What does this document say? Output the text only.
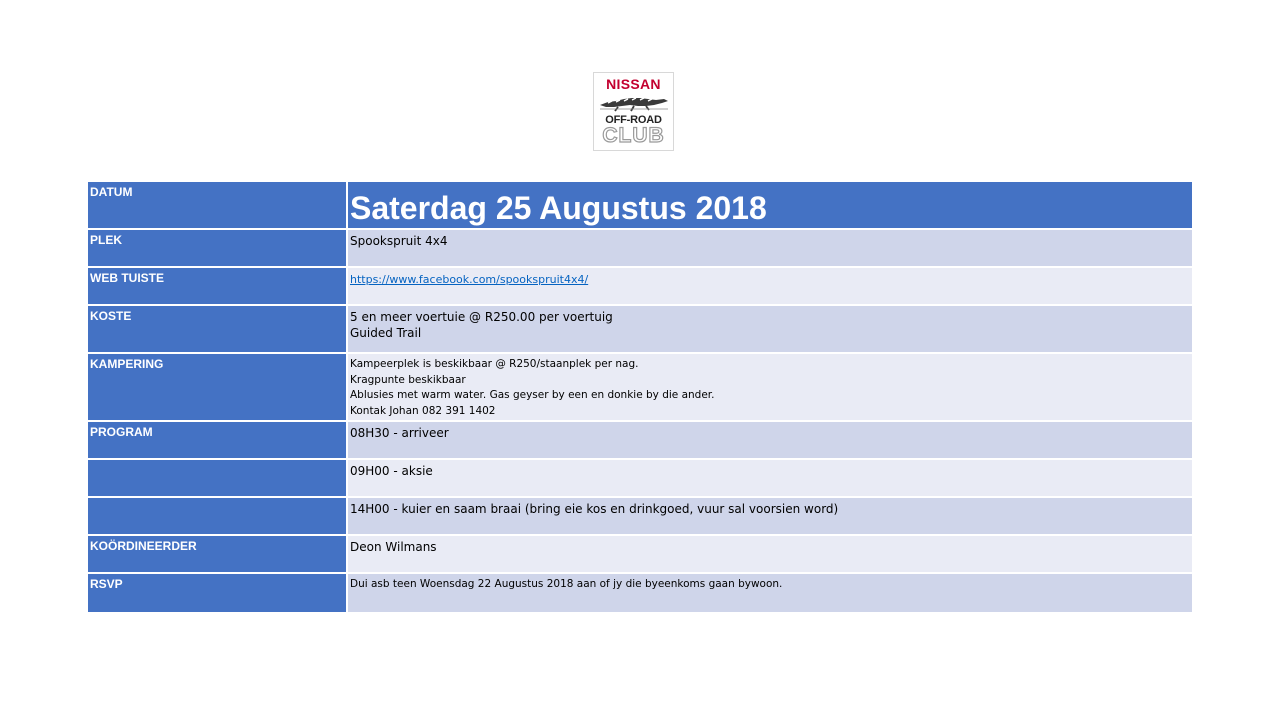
NISSAN
OFF-ROAD
CLUB
DATUM	Saterdag 25 Augustus 2018
PLEK	Spookspruit 4x4
WEB TUISTE	https://www.facebook.com/spookspruit4x4/
KOSTE	5 en meer voertuie @ R250.00 per voertuig
Guided Trail
KAMPERING	Kampeerplek is beskikbaar @ R250/staanplek per nag.
Kragpunte beskikbaar
Ablusies met warm water. Gas geyser by een en donkie by die ander.
Kontak Johan 082 391 1402
PROGRAM	08H30 - arriveer
09H00 - aksie
14H00 - kuier en saam braai (bring eie kos en drinkgoed, vuur sal voorsien word)
KOÖRDINEERDER	Deon Wilmans
RSVP	Dui asb teen Woensdag 22 Augustus 2018 aan of jy die byeenkoms gaan bywoon.
